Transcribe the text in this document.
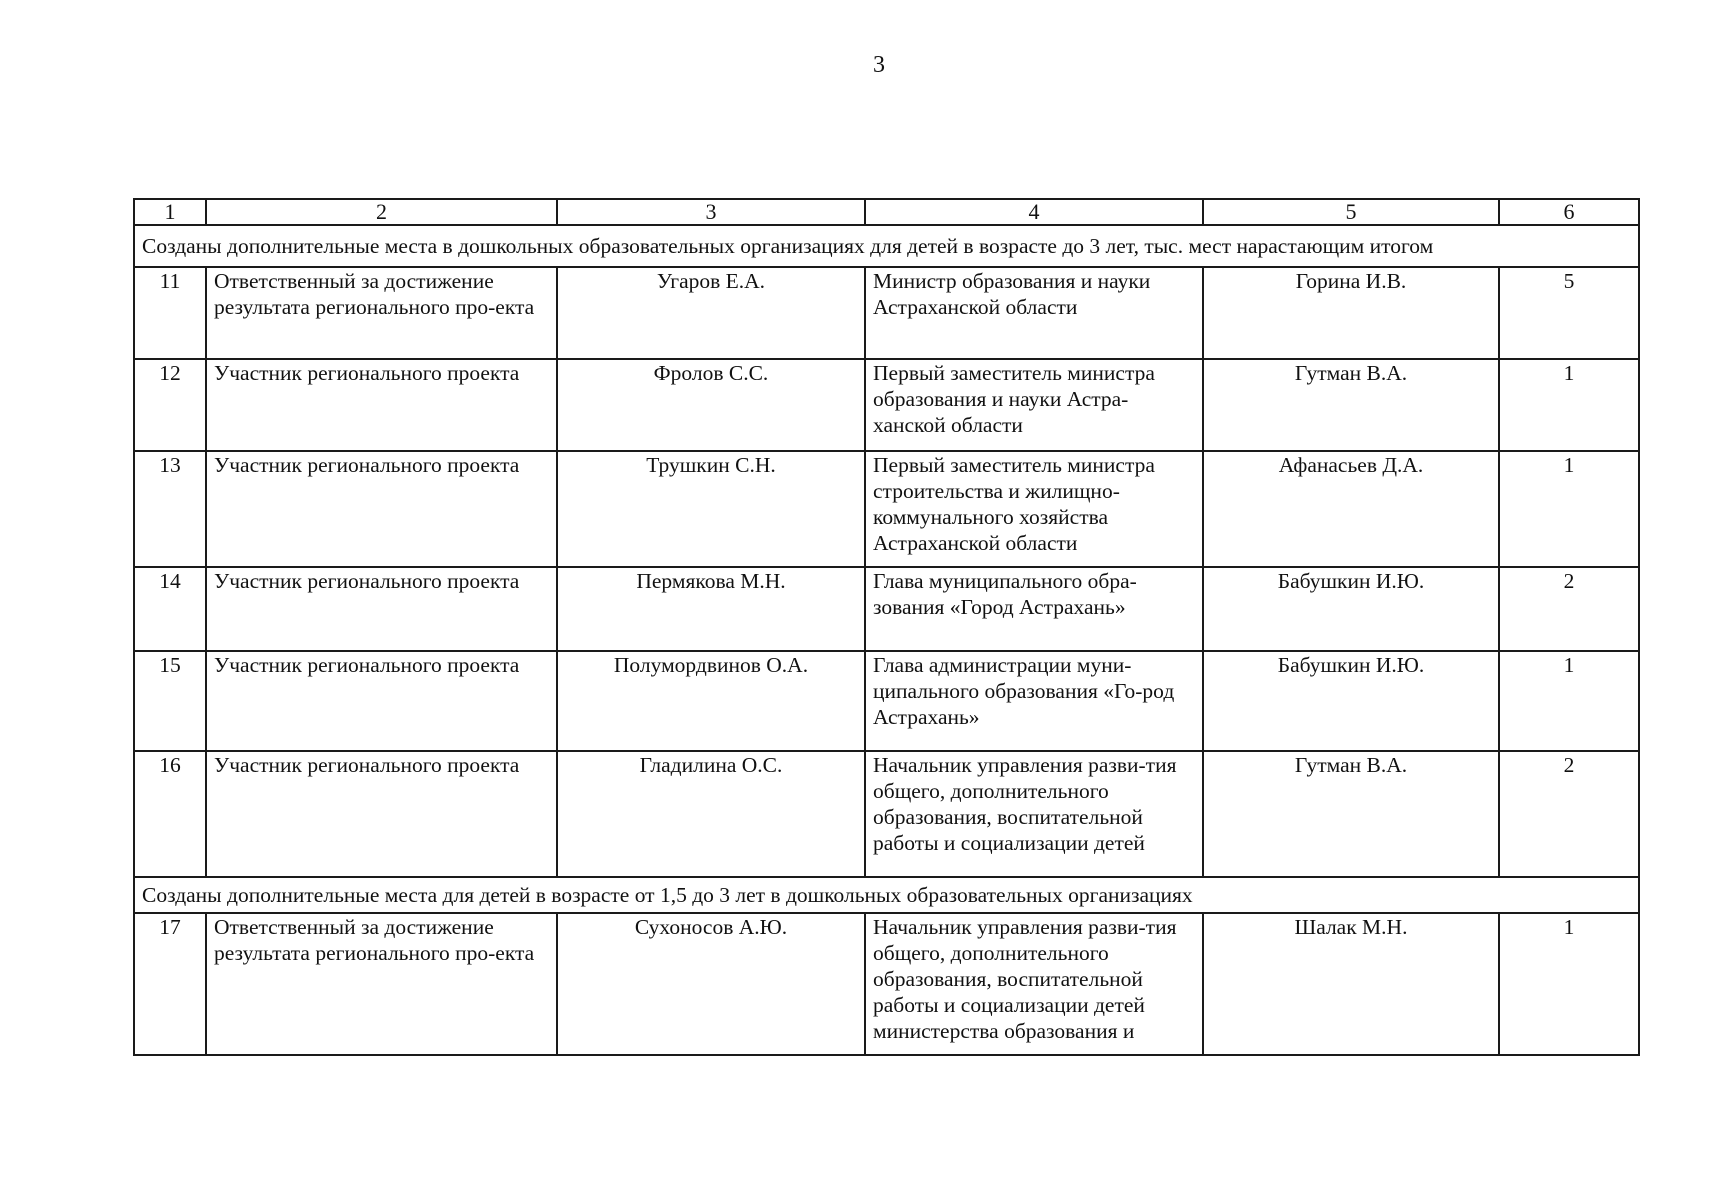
3
1	2	3	4	5	6
Созданы дополнительные места в дошкольных образовательных организациях для детей в возрасте до 3 лет, тыс. мест нарастающим итогом					
11	Ответственный за достижение результата регионального про-екта	Угаров Е.А.	Министр образования и науки Астраханской области	Горина И.В.	5
12	Участник регионального проекта	Фролов С.С.	Первый заместитель министра образования и науки Астра-ханской области	Гутман В.А.	1
13	Участник регионального проекта	Трушкин С.Н.	Первый заместитель министра строительства и жилищно-коммунального хозяйства Астраханской области	Афанасьев Д.А.	1
14	Участник регионального проекта	Пермякова М.Н.	Глава муниципального обра-зования «Город Астрахань»	Бабушкин И.Ю.	2
15	Участник регионального проекта	Полумордвинов О.А.	Глава администрации муни-ципального образования «Го-род Астрахань»	Бабушкин И.Ю.	1
16	Участник регионального проекта	Гладилина О.С.	Начальник управления разви-тия общего, дополнительного образования, воспитательной работы и социализации детей	Гутман В.А.	2
Созданы дополнительные места для детей в возрасте от 1,5 до 3 лет в дошкольных образовательных организациях					
17	Ответственный за достижение результата регионального про-екта	Сухоносов А.Ю.	Начальник управления разви-тия общего, дополнительного образования, воспитательной работы и социализации детей министерства образования и	Шалак М.Н.	1
